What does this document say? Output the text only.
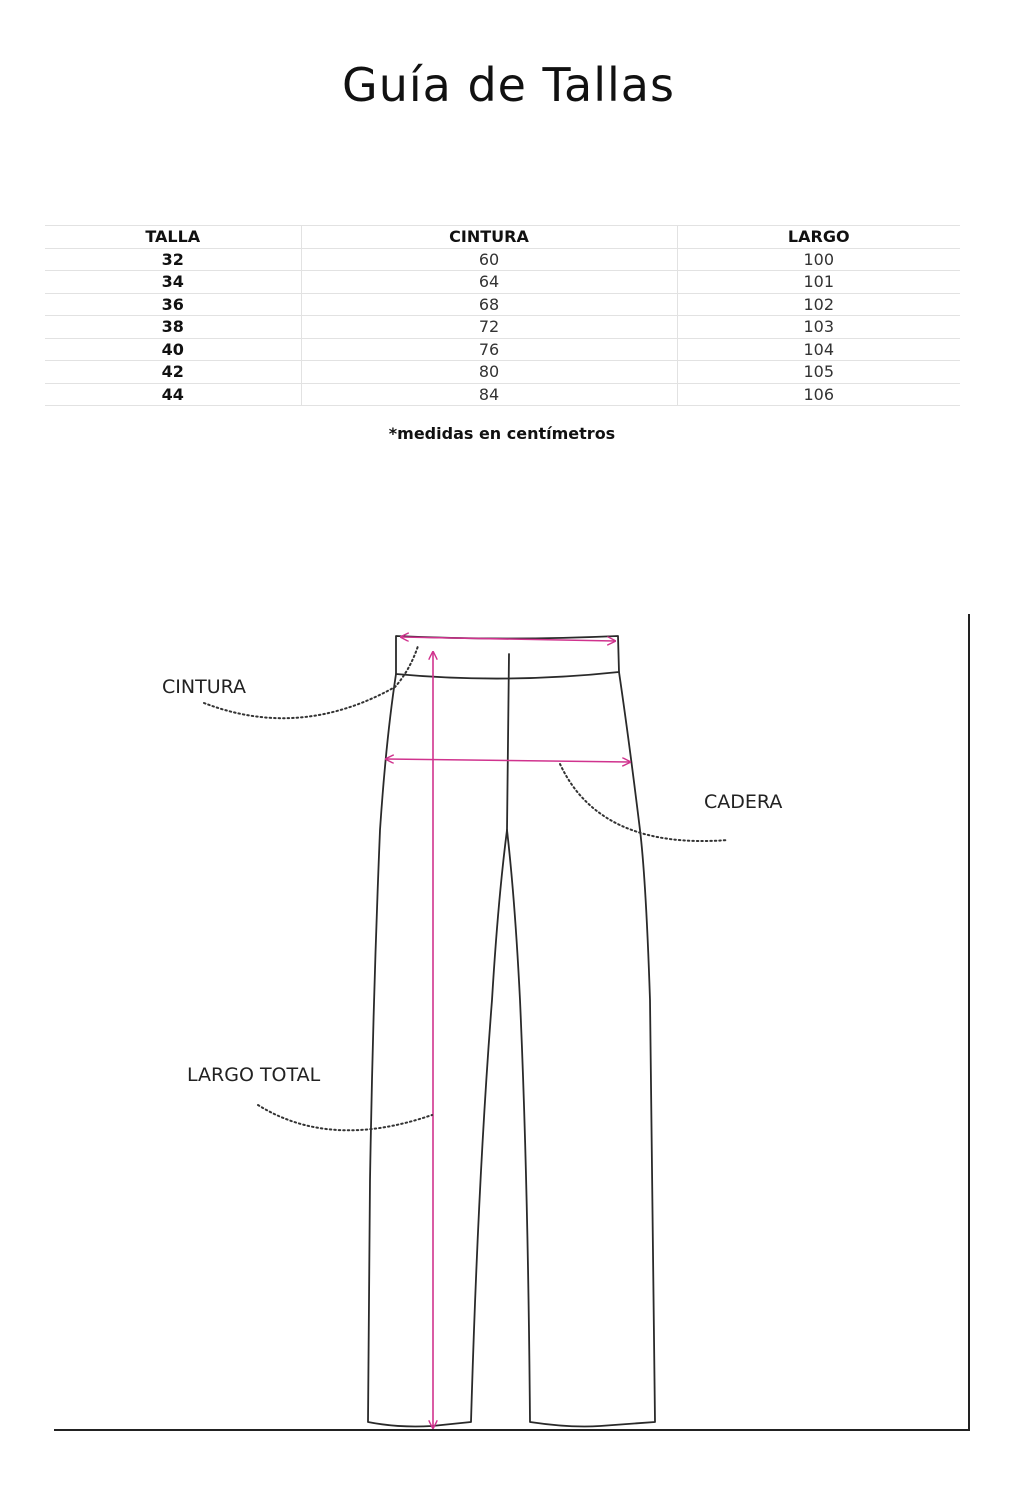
Guía de Tallas
TALLA	CINTURA	LARGO
32	60	100
34	64	101
36	68	102
38	72	103
40	76	104
42	80	105
44	84	106
*medidas en centímetros
CINTURA
CADERA
LARGO TOTAL
